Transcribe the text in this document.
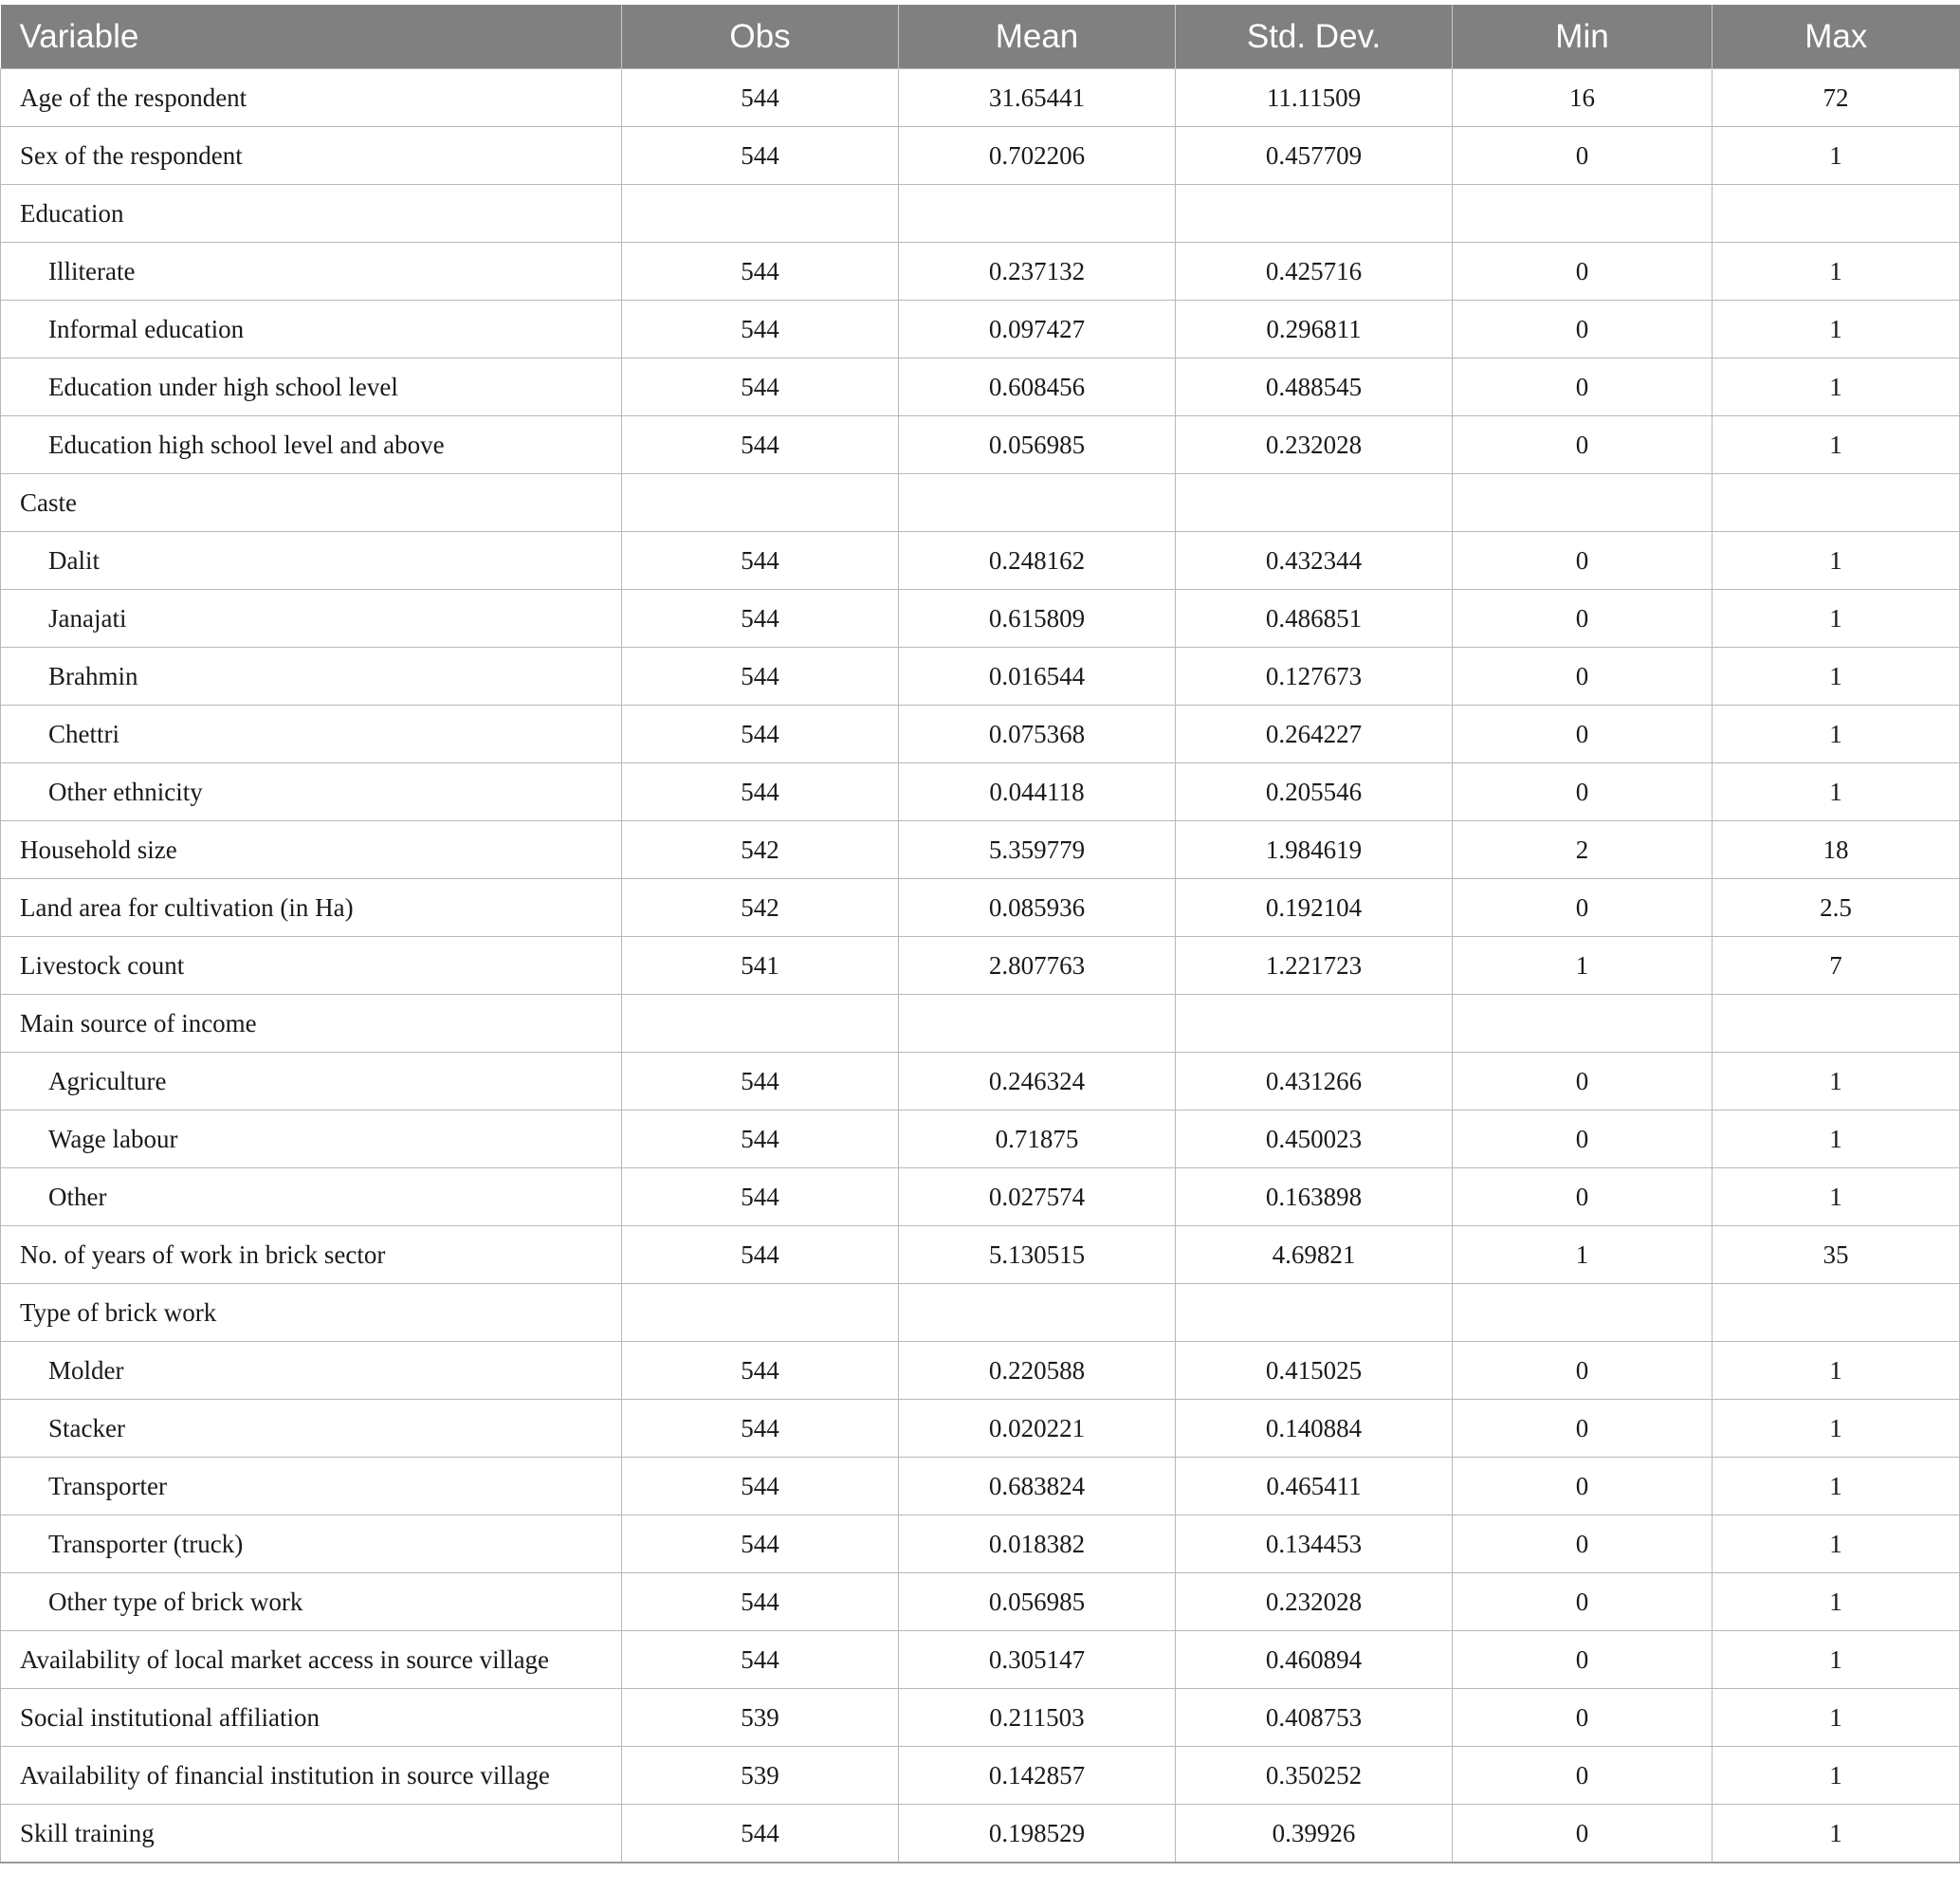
Variable	Obs	Mean	Std. Dev.	Min	Max
Age of the respondent	544	31.65441	11.11509	16	72
Sex of the respondent	544	0.702206	0.457709	0	1
Education					
Illiterate	544	0.237132	0.425716	0	1
Informal education	544	0.097427	0.296811	0	1
Education under high school level	544	0.608456	0.488545	0	1
Education high school level and above	544	0.056985	0.232028	0	1
Caste					
Dalit	544	0.248162	0.432344	0	1
Janajati	544	0.615809	0.486851	0	1
Brahmin	544	0.016544	0.127673	0	1
Chettri	544	0.075368	0.264227	0	1
Other ethnicity	544	0.044118	0.205546	0	1
Household size	542	5.359779	1.984619	2	18
Land area for cultivation (in Ha)	542	0.085936	0.192104	0	2.5
Livestock count	541	2.807763	1.221723	1	7
Main source of income					
Agriculture	544	0.246324	0.431266	0	1
Wage labour	544	0.71875	0.450023	0	1
Other	544	0.027574	0.163898	0	1
No. of years of work in brick sector	544	5.130515	4.69821	1	35
Type of brick work					
Molder	544	0.220588	0.415025	0	1
Stacker	544	0.020221	0.140884	0	1
Transporter	544	0.683824	0.465411	0	1
Transporter (truck)	544	0.018382	0.134453	0	1
Other type of brick work	544	0.056985	0.232028	0	1
Availability of local market access in source village	544	0.305147	0.460894	0	1
Social institutional affiliation	539	0.211503	0.408753	0	1
Availability of financial institution in source village	539	0.142857	0.350252	0	1
Skill training	544	0.198529	0.39926	0	1
